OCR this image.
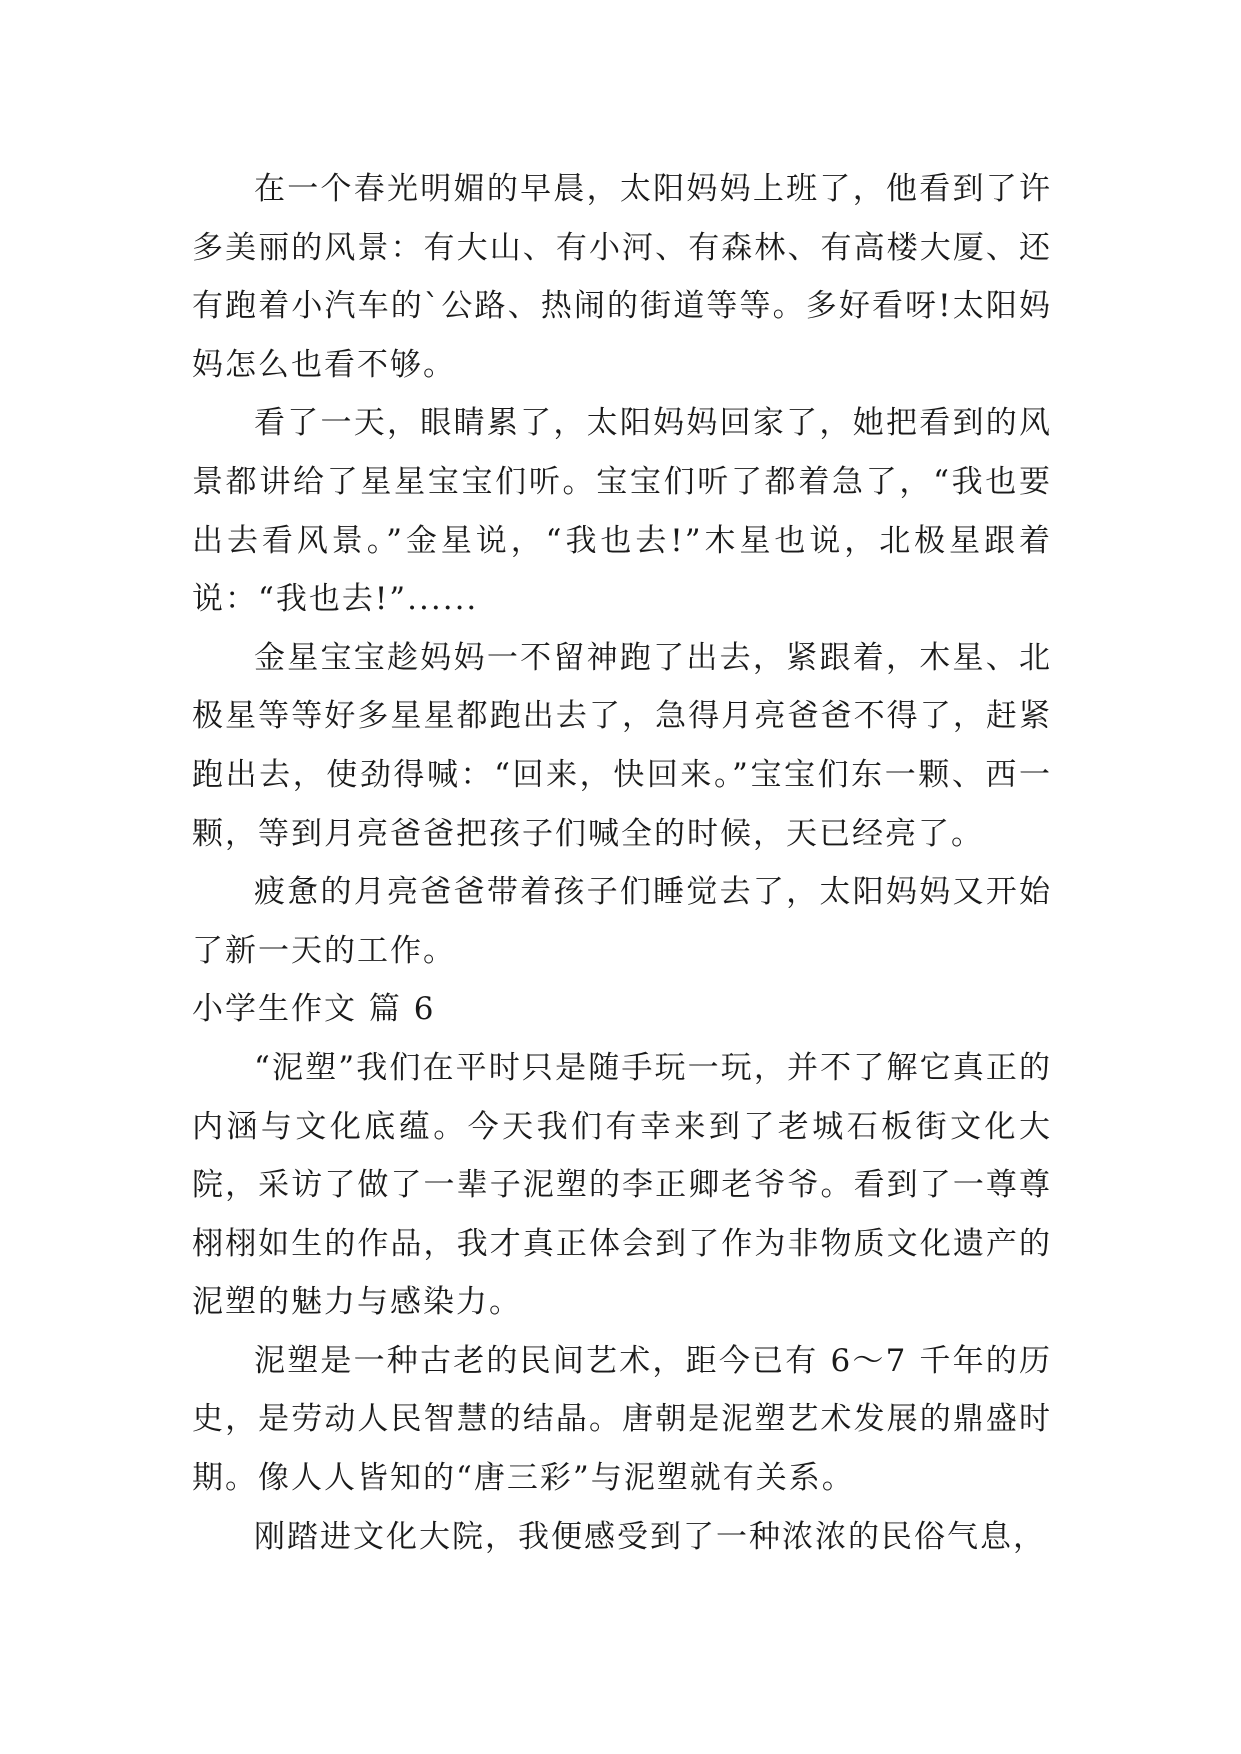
在一个春光明媚的早晨，太阳妈妈上班了，他看到了许多美丽的风景：有大山、有小河、有森林、有高楼大厦、还有跑着小汽车的`公路、热闹的街道等等。多好看呀!太阳妈妈怎么也看不够。

看了一天，眼睛累了，太阳妈妈回家了，她把看到的风景都讲给了星星宝宝们听。宝宝们听了都着急了，“我也要出去看风景。”金星说，“我也去!”木星也说，北极星跟着说：“我也去!”......

金星宝宝趁妈妈一不留神跑了出去，紧跟着，木星、北极星等等好多星星都跑出去了，急得月亮爸爸不得了，赶紧跑出去，使劲得喊：“回来，快回来。”宝宝们东一颗、西一颗，等到月亮爸爸把孩子们喊全的时候，天已经亮了。

疲惫的月亮爸爸带着孩子们睡觉去了，太阳妈妈又开始了新一天的工作。

小学生作文 篇 6

“泥塑”我们在平时只是随手玩一玩，并不了解它真正的内涵与文化底蕴。今天我们有幸来到了老城石板街文化大院，采访了做了一辈子泥塑的李正卿老爷爷。看到了一尊尊栩栩如生的作品，我才真正体会到了作为非物质文化遗产的泥塑的魅力与感染力。

泥塑是一种古老的民间艺术，距今已有 6～7 千年的历史，是劳动人民智慧的结晶。唐朝是泥塑艺术发展的鼎盛时期。像人人皆知的“唐三彩”与泥塑就有关系。

刚踏进文化大院，我便感受到了一种浓浓的民俗气息，
